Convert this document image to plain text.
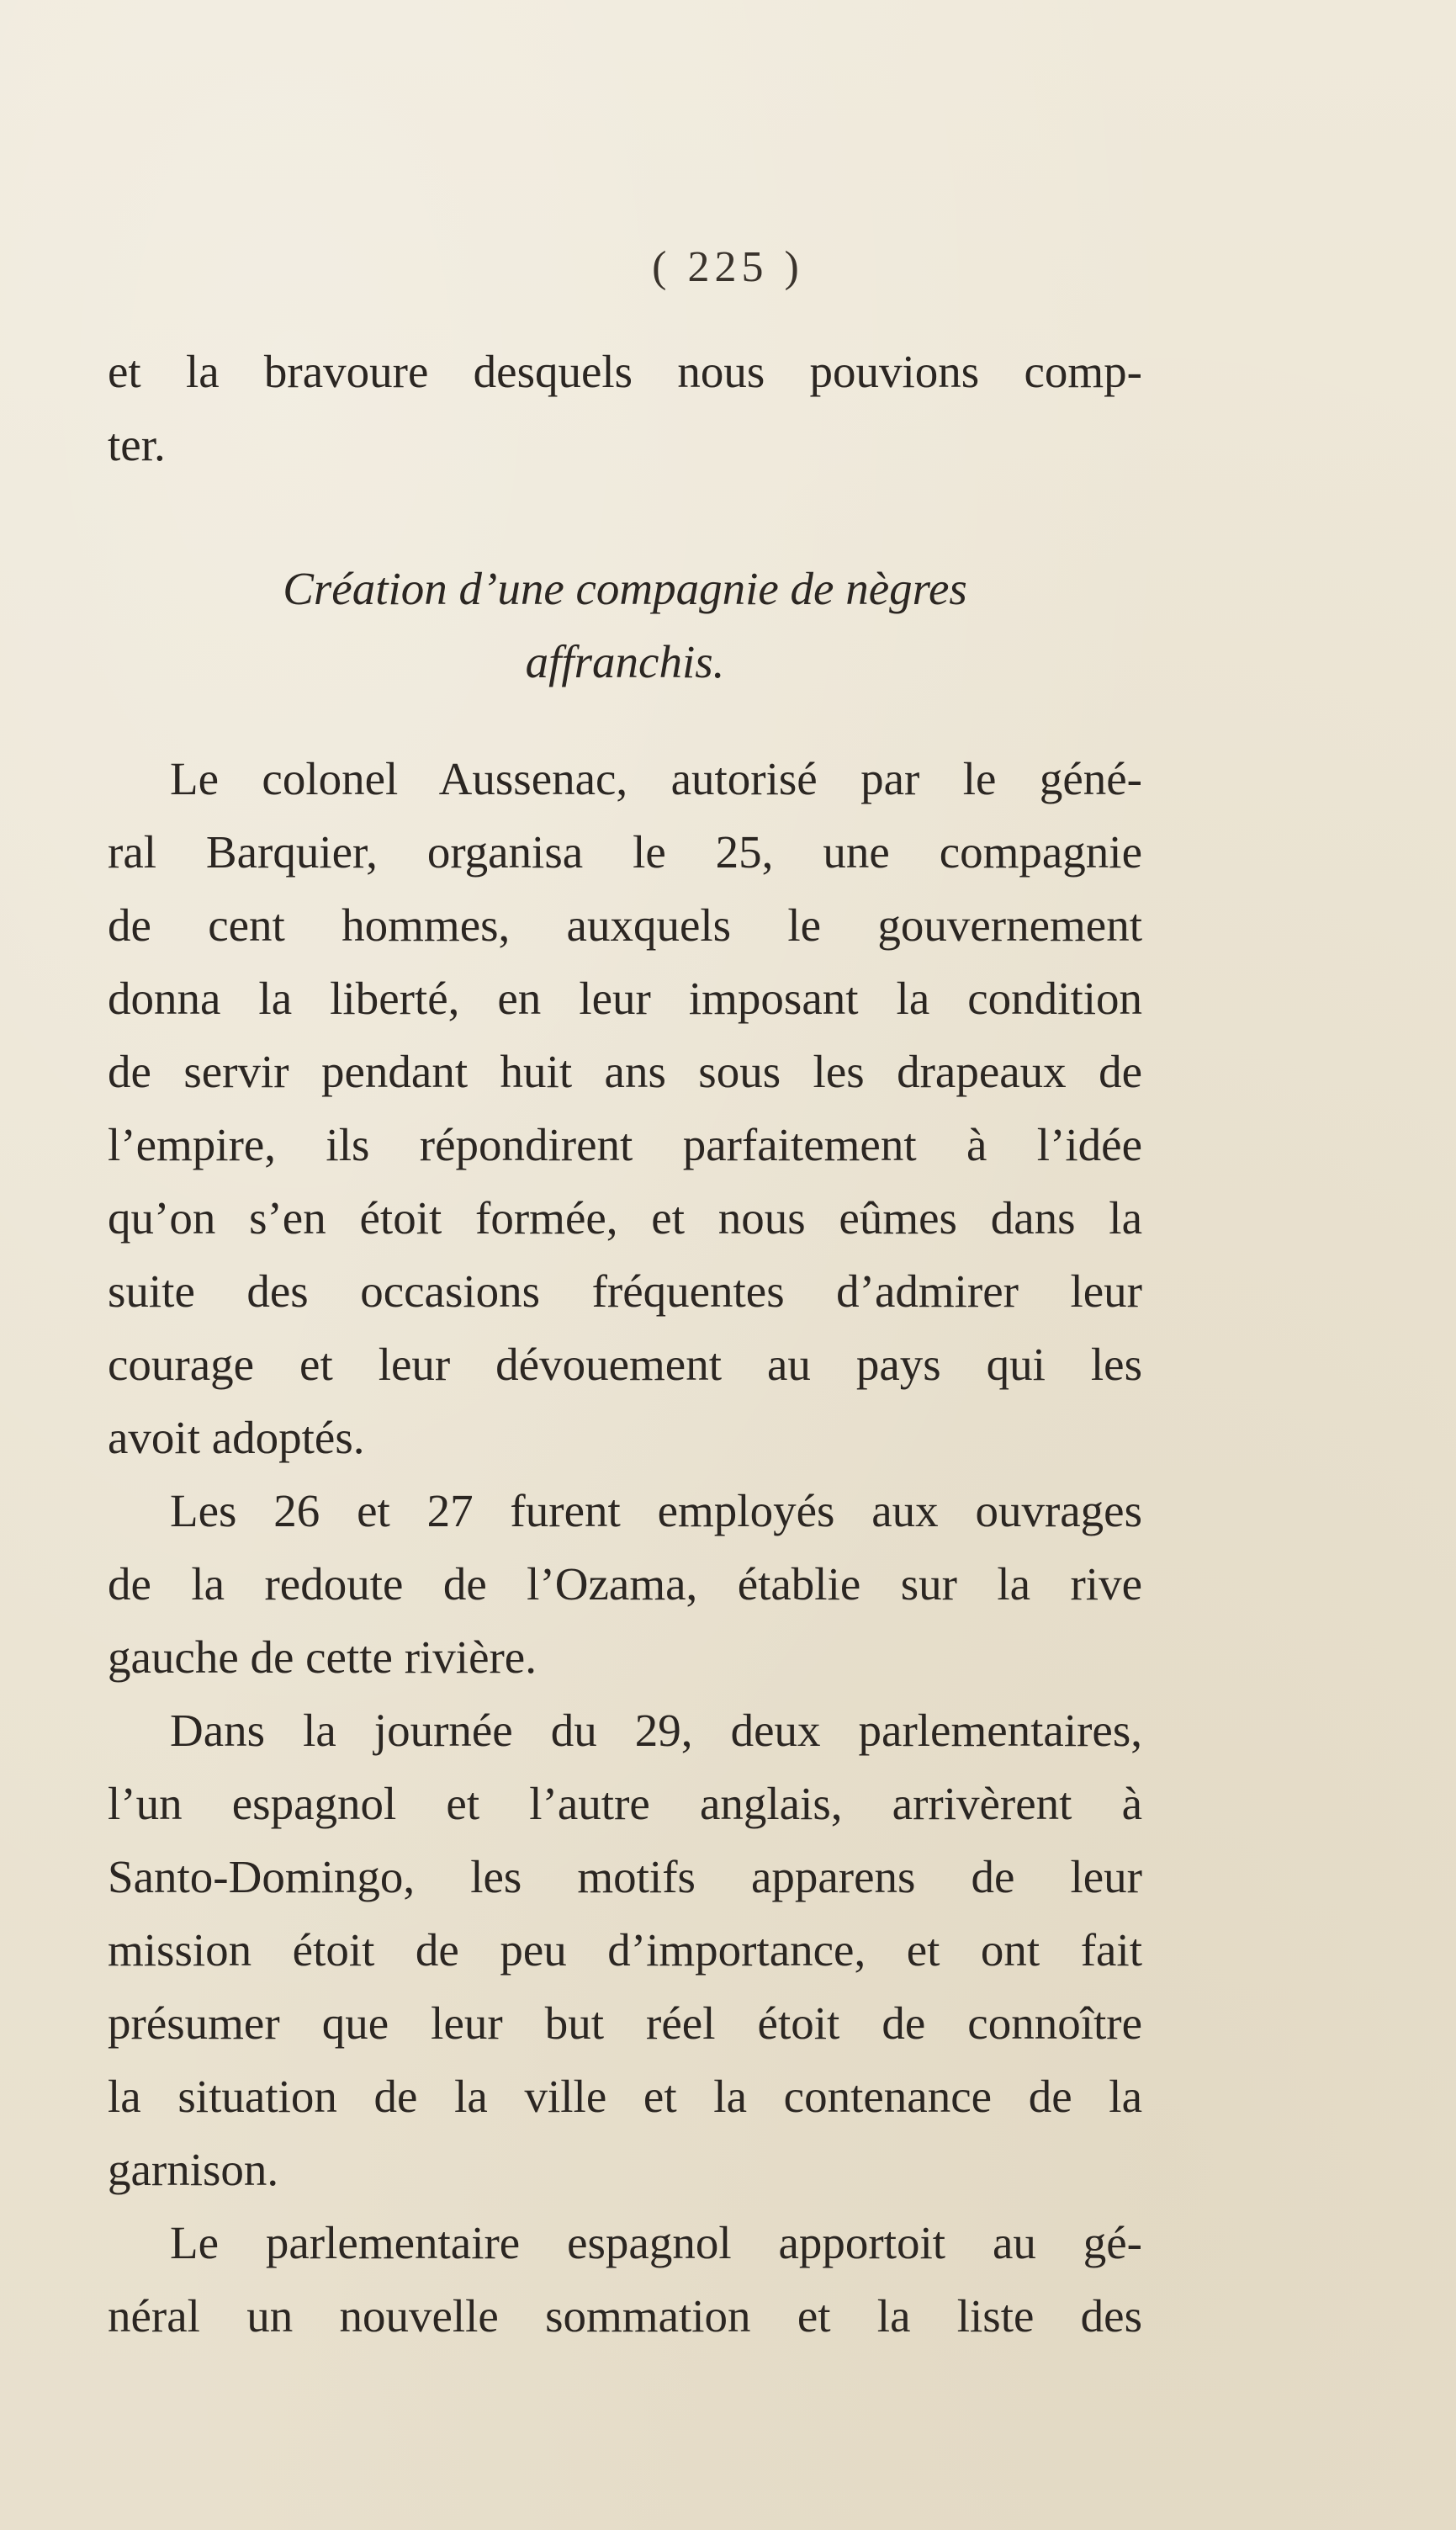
( 225 )
et la bravoure desquels nous pouvions comp-
ter.
Création d’une compagnie de nègres
affranchis.
Le colonel Aussenac, autorisé par le géné-
ral Barquier, organisa le 25, une compagnie
de cent hommes, auxquels le gouvernement
donna la liberté, en leur imposant la condition
de servir pendant huit ans sous les drapeaux de
l’empire, ils répondirent parfaitement à l’idée
qu’on s’en étoit formée, et nous eûmes dans la
suite des occasions fréquentes d’admirer leur
courage et leur dévouement au pays qui les
avoit adoptés.
Les 26 et 27 furent employés aux ouvrages
de la redoute de l’Ozama, établie sur la rive
gauche de cette rivière.
Dans la journée du 29, deux parlementaires,
l’un espagnol et l’autre anglais, arrivèrent à
Santo-Domingo, les motifs apparens de leur
mission étoit de peu d’importance, et ont fait
présumer que leur but réel étoit de connoître
la situation de la ville et la contenance de la
garnison.
Le parlementaire espagnol apportoit au gé-
néral un nouvelle sommation et la liste des
